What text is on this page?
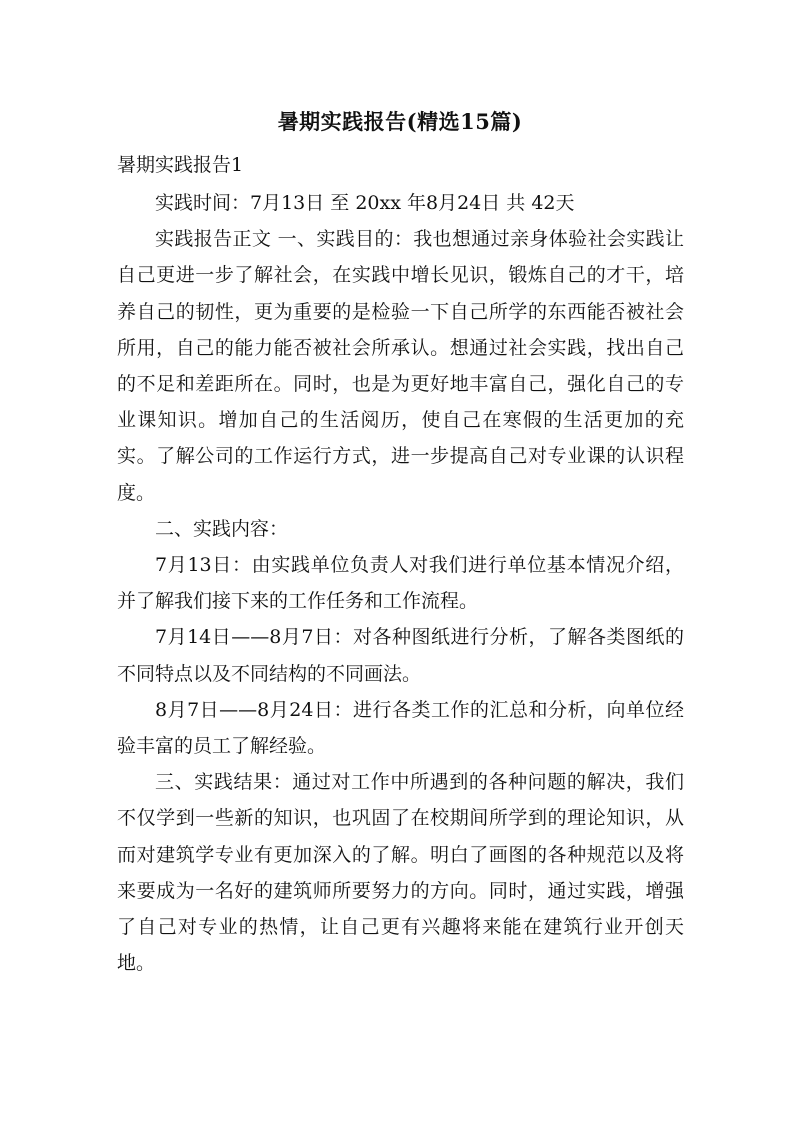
暑期实践报告(精选15篇)
暑期实践报告1

实践时间：7月13日 至 20xx 年8月24日 共 42天

实践报告正文 一、实践目的：我也想通过亲身体验社会实践让自己更进一步了解社会，在实践中增长见识，锻炼自己的才干，培养自己的韧性，更为重要的是检验一下自己所学的东西能否被社会所用，自己的能力能否被社会所承认。想通过社会实践，找出自己的不足和差距所在。同时，也是为更好地丰富自己，强化自己的专业课知识。增加自己的生活阅历，使自己在寒假的生活更加的充实。了解公司的工作运行方式，进一步提高自己对专业课的认识程度。

二、实践内容：

7月13日：由实践单位负责人对我们进行单位基本情况介绍，并了解我们接下来的工作任务和工作流程。

7月14日——8月7日：对各种图纸进行分析，了解各类图纸的不同特点以及不同结构的不同画法。

8月7日——8月24日：进行各类工作的汇总和分析，向单位经验丰富的员工了解经验。

三、实践结果：通过对工作中所遇到的各种问题的解决，我们不仅学到一些新的知识，也巩固了在校期间所学到的理论知识，从而对建筑学专业有更加深入的了解。明白了画图的各种规范以及将来要成为一名好的建筑师所要努力的方向。同时，通过实践，增强了自己对专业的热情，让自己更有兴趣将来能在建筑行业开创天地。
